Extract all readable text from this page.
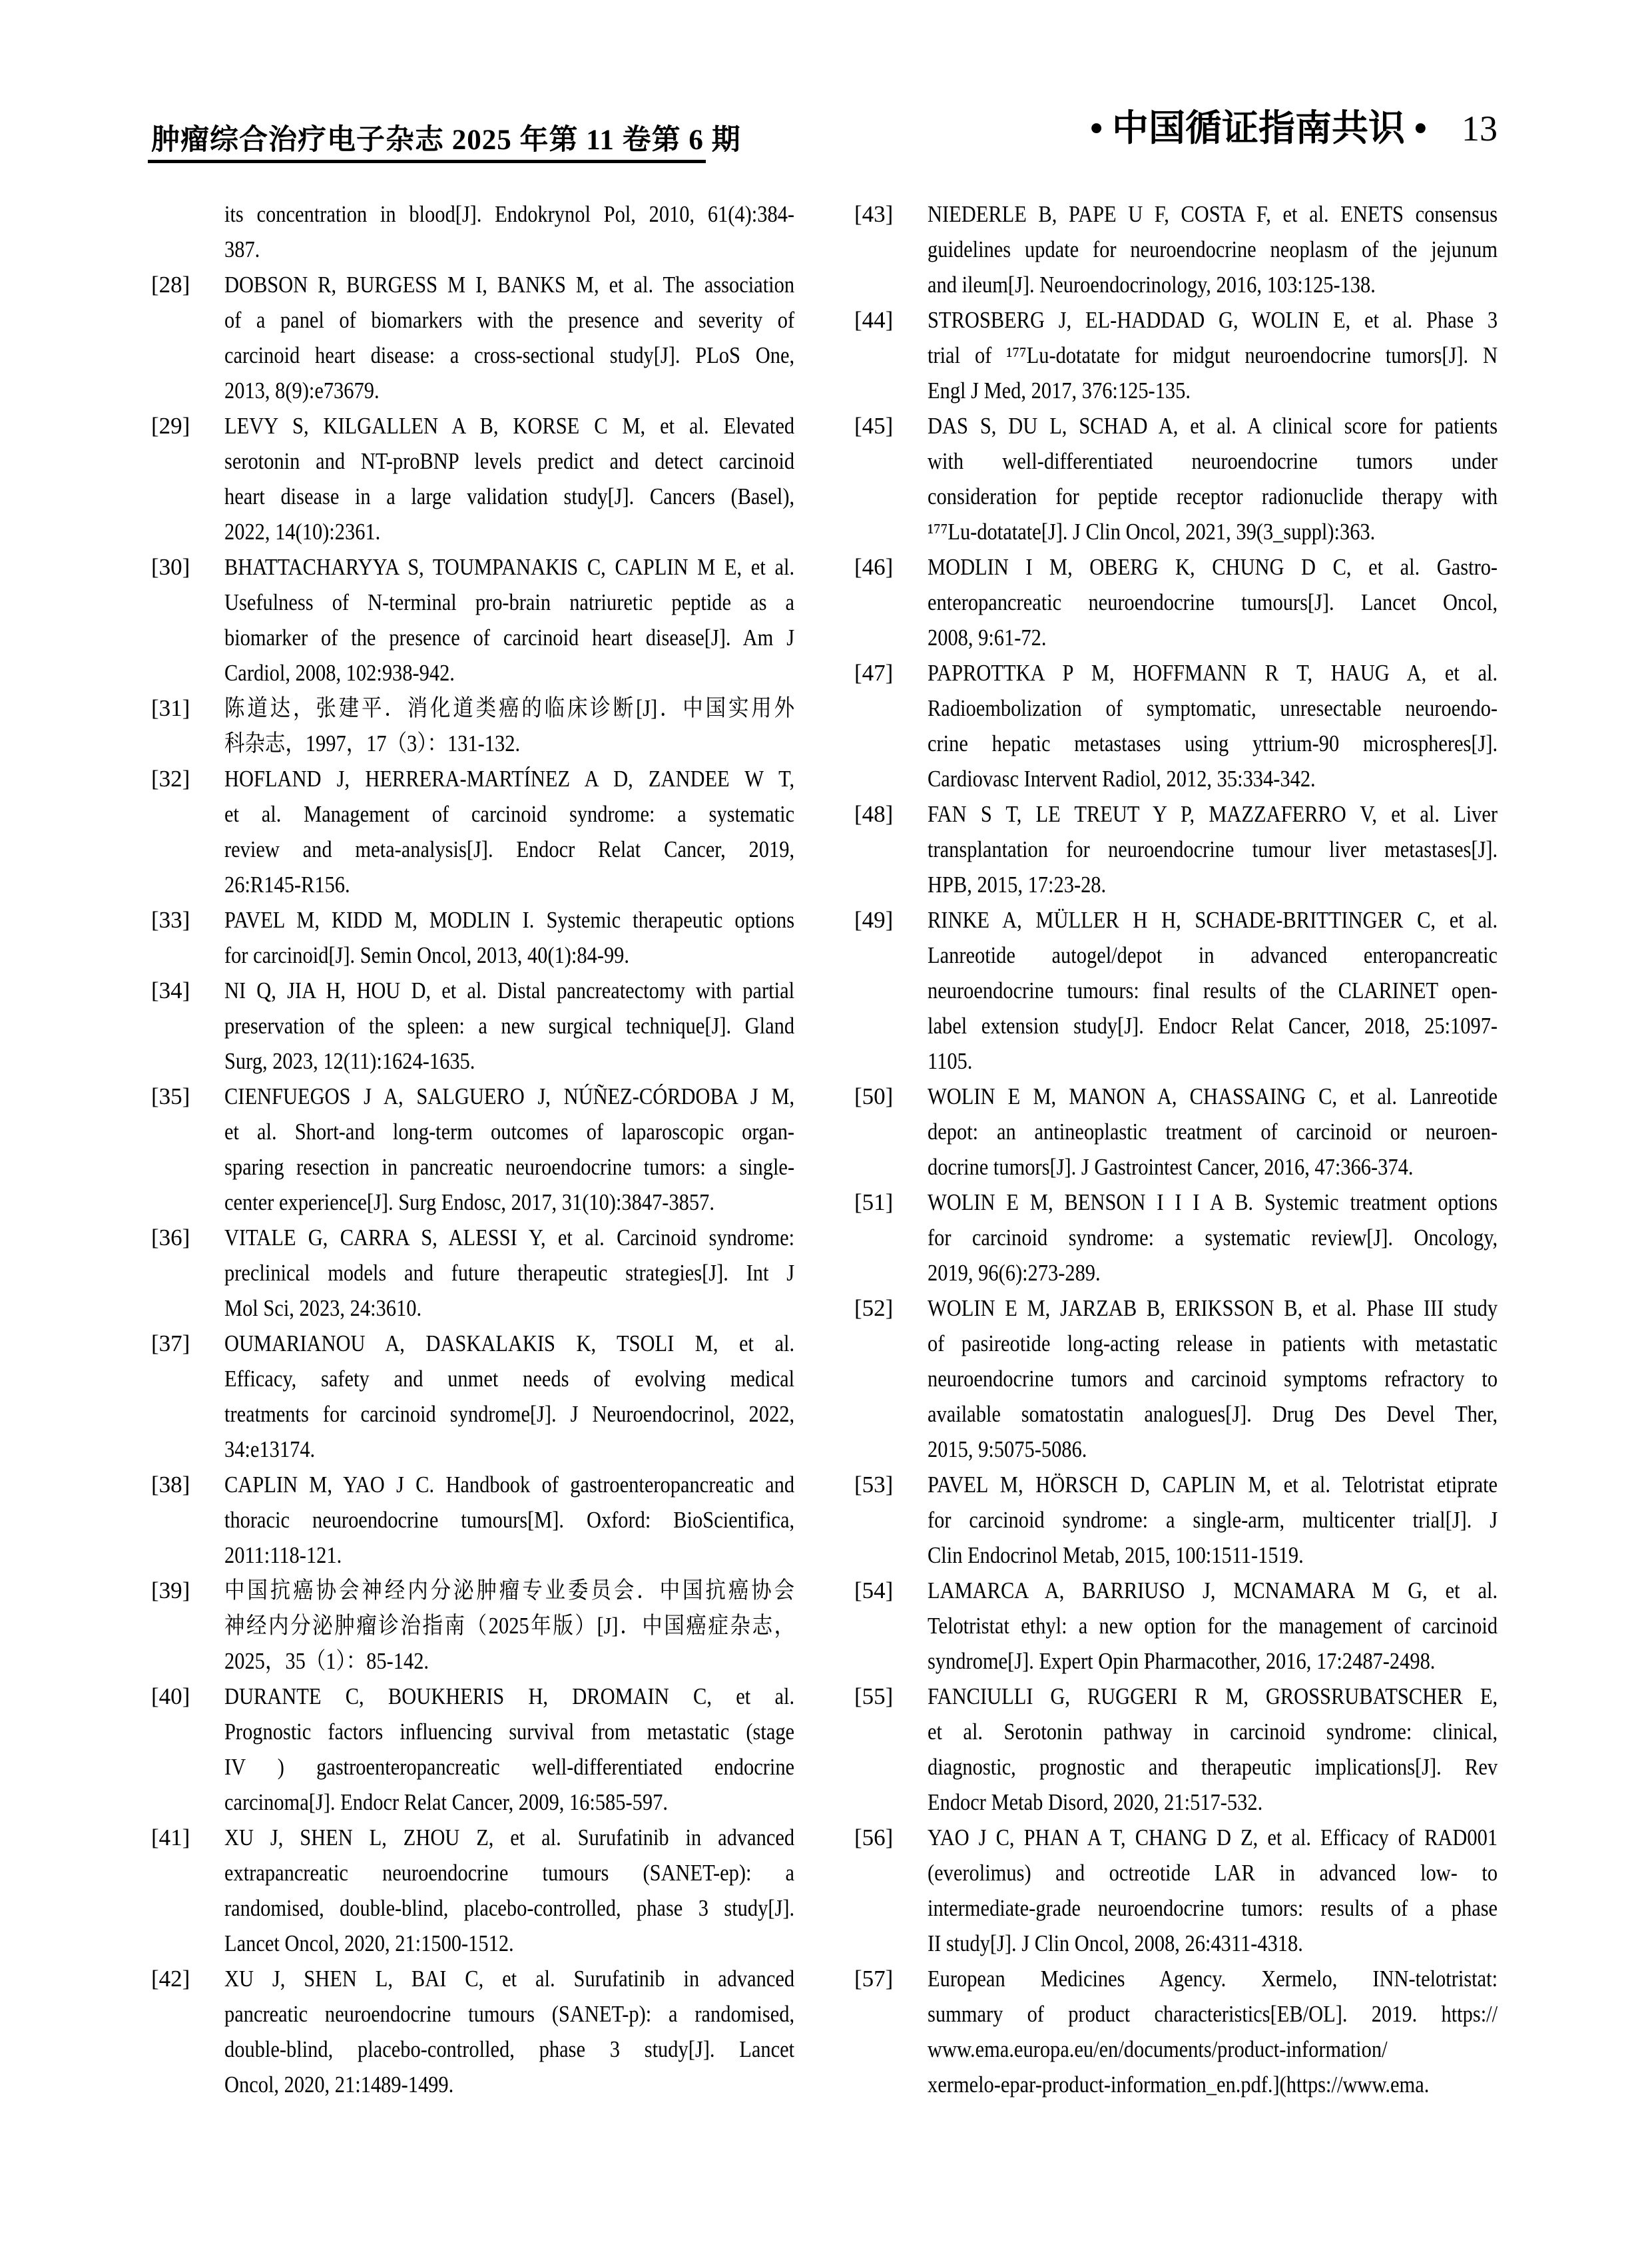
肿瘤综合治疗电子杂志 2025 年第 11 卷第 6 期	• 中国循证指南共识 • 13
its concentration in blood[J]. Endokrynol Pol, 2010, 61(4):384-
387.
[28]	DOBSON R, BURGESS M I, BANKS M, et al. The association
of a panel of biomarkers with the presence and severity of
carcinoid heart disease: a cross-sectional study[J]. PLoS One,
2013, 8(9):e73679.
[29]	LEVY S, KILGALLEN A B, KORSE C M, et al. Elevated
serotonin and NT-proBNP levels predict and detect carcinoid
heart disease in a large validation study[J]. Cancers (Basel),
2022, 14(10):2361.
[30]	BHATTACHARYYA S, TOUMPANAKIS C, CAPLIN M E, et al.
Usefulness of N-terminal pro-brain natriuretic peptide as a
biomarker of the presence of carcinoid heart disease[J]. Am J
Cardiol, 2008, 102:938-942.
[31]	陈道达，张建平．消化道类癌的临床诊断[J]．中国实用外
科杂志，1997，17（3）：131-132.
[32]	HOFLAND J, HERRERA-MARTÍNEZ A D, ZANDEE W T,
et al. Management of carcinoid syndrome: a systematic
review and meta-analysis[J]. Endocr Relat Cancer, 2019,
26:R145-R156.
[33]	PAVEL M, KIDD M, MODLIN I. Systemic therapeutic options
for carcinoid[J]. Semin Oncol, 2013, 40(1):84-99.
[34]	NI Q, JIA H, HOU D, et al. Distal pancreatectomy with partial
preservation of the spleen: a new surgical technique[J]. Gland
Surg, 2023, 12(11):1624-1635.
[35]	CIENFUEGOS J A, SALGUERO J, NÚÑEZ-CÓRDOBA J M,
et al. Short-and long-term outcomes of laparoscopic organ-
sparing resection in pancreatic neuroendocrine tumors: a single-
center experience[J]. Surg Endosc, 2017, 31(10):3847-3857.
[36]	VITALE G, CARRA S, ALESSI Y, et al. Carcinoid syndrome:
preclinical models and future therapeutic strategies[J]. Int J
Mol Sci, 2023, 24:3610.
[37]	OUMARIANOU A, DASKALAKIS K, TSOLI M, et al.
Efficacy, safety and unmet needs of evolving medical
treatments for carcinoid syndrome[J]. J Neuroendocrinol, 2022,
34:e13174.
[38]	CAPLIN M, YAO J C. Handbook of gastroenteropancreatic and
thoracic neuroendocrine tumours[M]. Oxford: BioScientifica,
2011:118-121.
[39]	中国抗癌协会神经内分泌肿瘤专业委员会．中国抗癌协会
神经内分泌肿瘤诊治指南（2025年版）[J]．中国癌症杂志，
2025，35（1）：85-142.
[40]	DURANTE C, BOUKHERIS H, DROMAIN C, et al.
Prognostic factors influencing survival from metastatic (stage
IV ) gastroenteropancreatic well-differentiated endocrine
carcinoma[J]. Endocr Relat Cancer, 2009, 16:585-597.
[41]	XU J, SHEN L, ZHOU Z, et al. Surufatinib in advanced
extrapancreatic neuroendocrine tumours (SANET-ep): a
randomised, double-blind, placebo-controlled, phase 3 study[J].
Lancet Oncol, 2020, 21:1500-1512.
[42]	XU J, SHEN L, BAI C, et al. Surufatinib in advanced
pancreatic neuroendocrine tumours (SANET-p): a randomised,
double-blind, placebo-controlled, phase 3 study[J]. Lancet
Oncol, 2020, 21:1489-1499.
[43]	NIEDERLE B, PAPE U F, COSTA F, et al. ENETS consensus
guidelines update for neuroendocrine neoplasm of the jejunum
and ileum[J]. Neuroendocrinology, 2016, 103:125-138.
[44]	STROSBERG J, EL-HADDAD G, WOLIN E, et al. Phase 3
trial of ¹⁷⁷Lu-dotatate for midgut neuroendocrine tumors[J]. N
Engl J Med, 2017, 376:125-135.
[45]	DAS S, DU L, SCHAD A, et al. A clinical score for patients
with well-differentiated neuroendocrine tumors under
consideration for peptide receptor radionuclide therapy with
¹⁷⁷Lu-dotatate[J]. J Clin Oncol, 2021, 39(3_suppl):363.
[46]	MODLIN I M, OBERG K, CHUNG D C, et al. Gastro-
enteropancreatic neuroendocrine tumours[J]. Lancet Oncol,
2008, 9:61-72.
[47]	PAPROTTKA P M, HOFFMANN R T, HAUG A, et al.
Radioembolization of symptomatic, unresectable neuroendo-
crine hepatic metastases using yttrium-90 microspheres[J].
Cardiovasc Intervent Radiol, 2012, 35:334-342.
[48]	FAN S T, LE TREUT Y P, MAZZAFERRO V, et al. Liver
transplantation for neuroendocrine tumour liver metastases[J].
HPB, 2015, 17:23-28.
[49]	RINKE A, MÜLLER H H, SCHADE-BRITTINGER C, et al.
Lanreotide autogel/depot in advanced enteropancreatic
neuroendocrine tumours: final results of the CLARINET open-
label extension study[J]. Endocr Relat Cancer, 2018, 25:1097-
1105.
[50]	WOLIN E M, MANON A, CHASSAING C, et al. Lanreotide
depot: an antineoplastic treatment of carcinoid or neuroen-
docrine tumors[J]. J Gastrointest Cancer, 2016, 47:366-374.
[51]	WOLIN E M, BENSON I I I A B. Systemic treatment options
for carcinoid syndrome: a systematic review[J]. Oncology,
2019, 96(6):273-289.
[52]	WOLIN E M, JARZAB B, ERIKSSON B, et al. Phase III study
of pasireotide long-acting release in patients with metastatic
neuroendocrine tumors and carcinoid symptoms refractory to
available somatostatin analogues[J]. Drug Des Devel Ther,
2015, 9:5075-5086.
[53]	PAVEL M, HÖRSCH D, CAPLIN M, et al. Telotristat etiprate
for carcinoid syndrome: a single-arm, multicenter trial[J]. J
Clin Endocrinol Metab, 2015, 100:1511-1519.
[54]	LAMARCA A, BARRIUSO J, MCNAMARA M G, et al.
Telotristat ethyl: a new option for the management of carcinoid
syndrome[J]. Expert Opin Pharmacother, 2016, 17:2487-2498.
[55]	FANCIULLI G, RUGGERI R M, GROSSRUBATSCHER E,
et al. Serotonin pathway in carcinoid syndrome: clinical,
diagnostic, prognostic and therapeutic implications[J]. Rev
Endocr Metab Disord, 2020, 21:517-532.
[56]	YAO J C, PHAN A T, CHANG D Z, et al. Efficacy of RAD001
(everolimus) and octreotide LAR in advanced low- to
intermediate-grade neuroendocrine tumors: results of a phase
II study[J]. J Clin Oncol, 2008, 26:4311-4318.
[57]	European Medicines Agency. Xermelo, INN-telotristat:
summary of product characteristics[EB/OL]. 2019. https://
www.ema.europa.eu/en/documents/product-information/
xermelo-epar-product-information_en.pdf.](https://www.ema.
